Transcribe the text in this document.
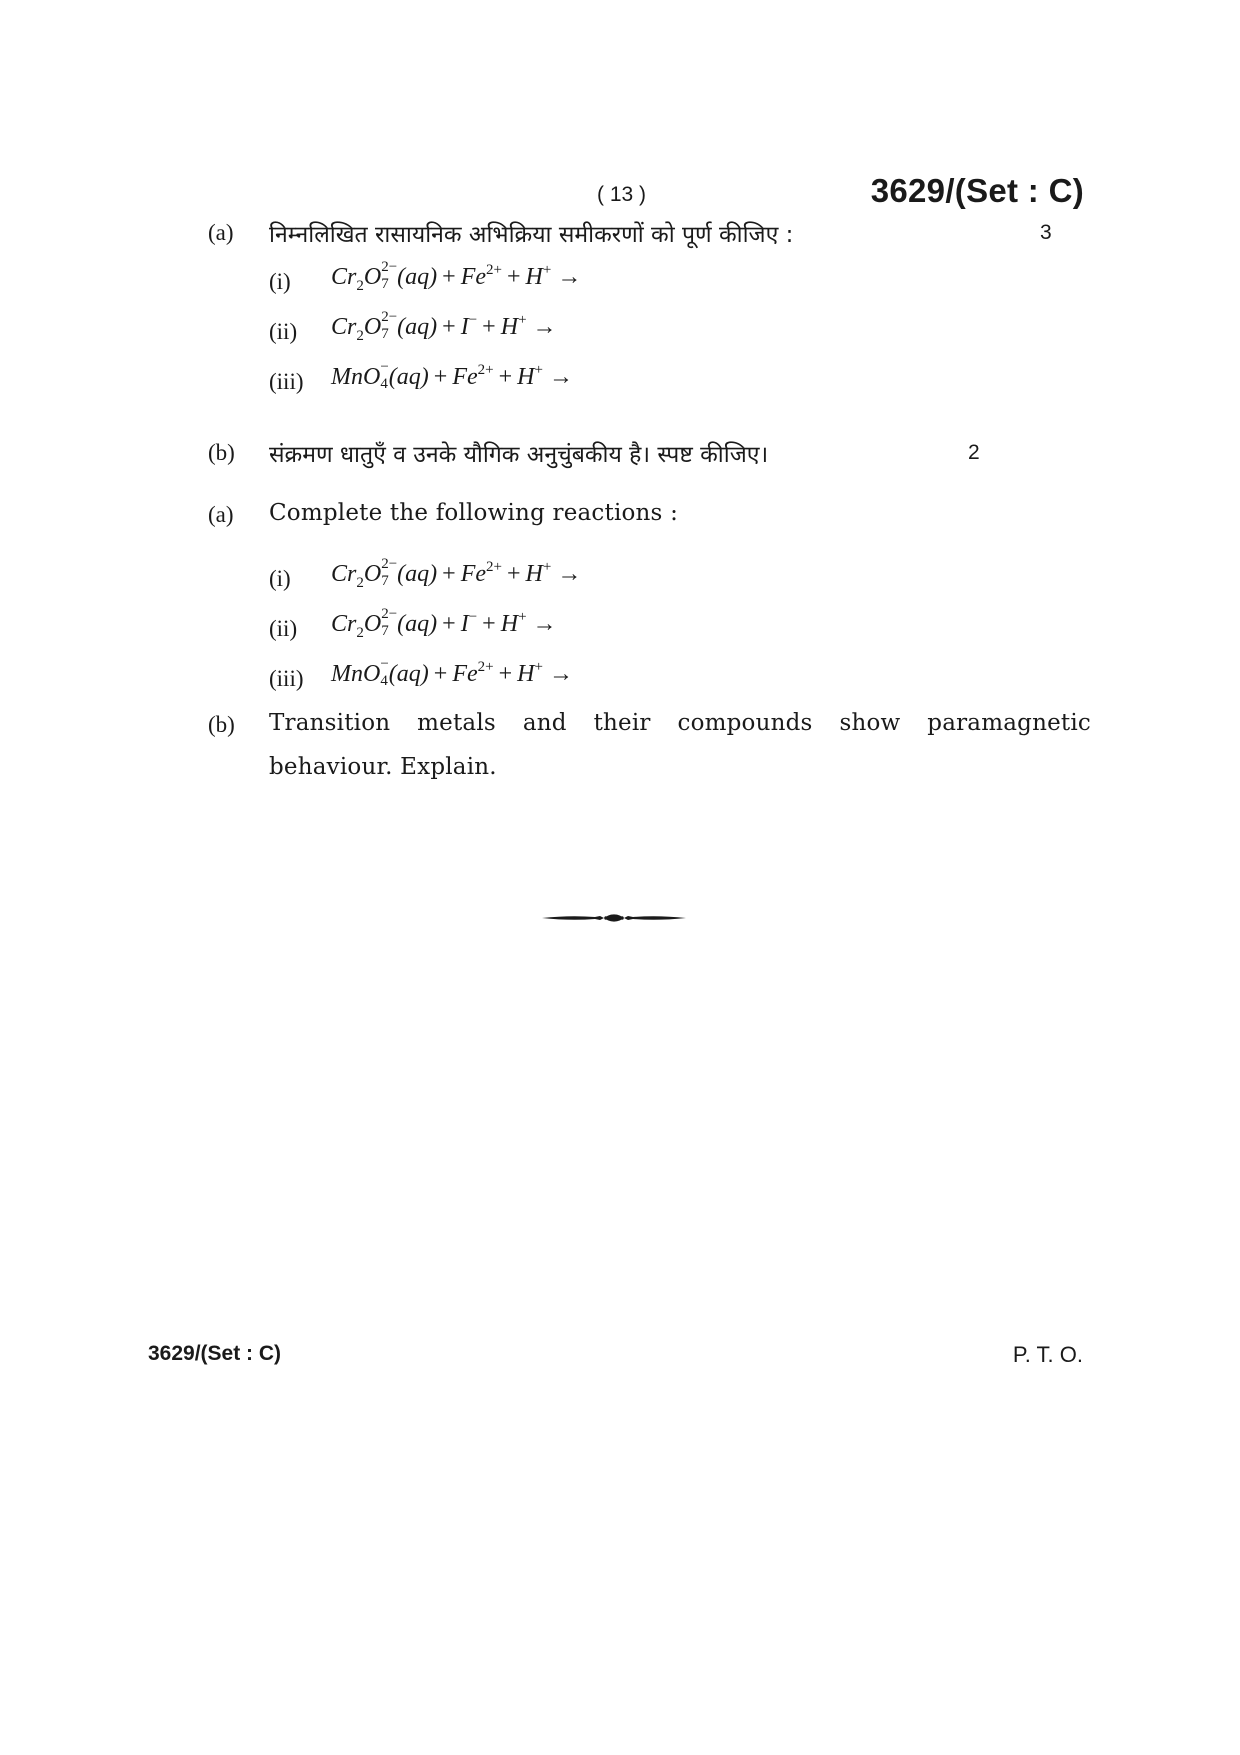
( 13 )	3629/(Set : C)
(a) निम्नलिखित रासायनिक अभिक्रिया समीकरणों को पूर्ण कीजिए :	3
(i) $Cr_2O$ 2−
7 $(aq) + Fe^{2+} + H^+$ →
(ii) $Cr_2O$ 2−
7 (aq) + I− + H+ →
(iii) MnO −
4 $(aq) + Fe^{2+} + H^+$ →
(b) संक्रमण धातुएँ व उनके यौगिक अनुचुंबकीय है। स्पष्ट कीजिए।	2
(a) Complete the following reactions :
(i) $Cr_2O$ 2−
7 $(aq) + Fe^{2+} + H^+$ →
(ii) $Cr_2O$ 2−
7 (aq) + I− + H+ →
(iii) MnO −
4 $(aq) + Fe^{2+} + H^+$ →
(b) Transition metals and their compounds show paramagnetic
behaviour. Explain.
3629/(Set : C)	P. T. O.
